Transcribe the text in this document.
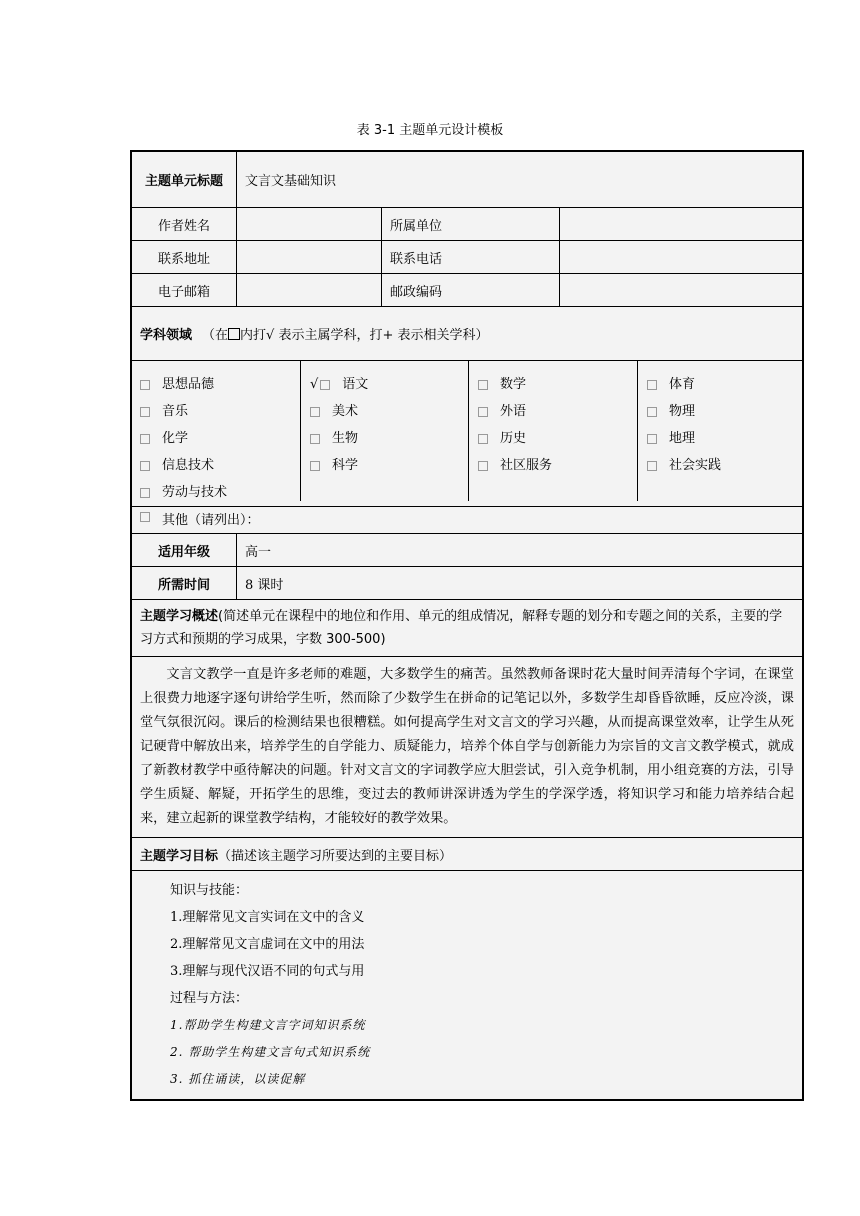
表 3-1 主题单元设计模板
主题单元标题	文言文基础知识
作者姓名	所属单位
联系地址	联系电话
电子邮箱	邮政编码
学科领域 （在 内打√ 表示主属学科，打+ 表示相关学科）
思想品德
音乐
化学
信息技术
劳动与技术
√ 语文
美术
生物
科学
数学
外语
历史
社区服务
体育
物理
地理
社会实践
其他（请列出）：
适用年级	高一
所需时间	8 课时
主题学习概述(简述单元在课程中的地位和作用、单元的组成情况，解释专题的划分和专题之间的关系，主要的学习方式和预期的学习成果，字数 300-500)
文言文教学一直是许多老师的难题，大多数学生的痛苦。虽然教师备课时花大量时间弄清每个字词，在课堂上很费力地逐字逐句讲给学生听，然而除了少数学生在拼命的记笔记以外，多数学生却昏昏欲睡，反应冷淡，课堂气氛很沉闷。课后的检测结果也很糟糕。如何提高学生对文言文的学习兴趣，从而提高课堂效率，让学生从死记硬背中解放出来，培养学生的自学能力、质疑能力，培养个体自学与创新能力为宗旨的文言文教学模式，就成了新教材教学中亟待解决的问题。针对文言文的字词教学应大胆尝试，引入竞争机制，用小组竞赛的方法，引导学生质疑、解疑，开拓学生的思维，变过去的教师讲深讲透为学生的学深学透，将知识学习和能力培养结合起来，建立起新的课堂教学结构，才能较好的教学效果。
主题学习目标 （描述该主题学习所要达到的主要目标）
知识与技能：
1.理解常见文言实词在文中的含义
2.理解常见文言虚词在文中的用法
3.理解与现代汉语不同的句式与用
过程与方法：
1.帮助学生构建文言字词知识系统
2. 帮助学生构建文言句式知识系统
3. 抓住诵读，以读促解
